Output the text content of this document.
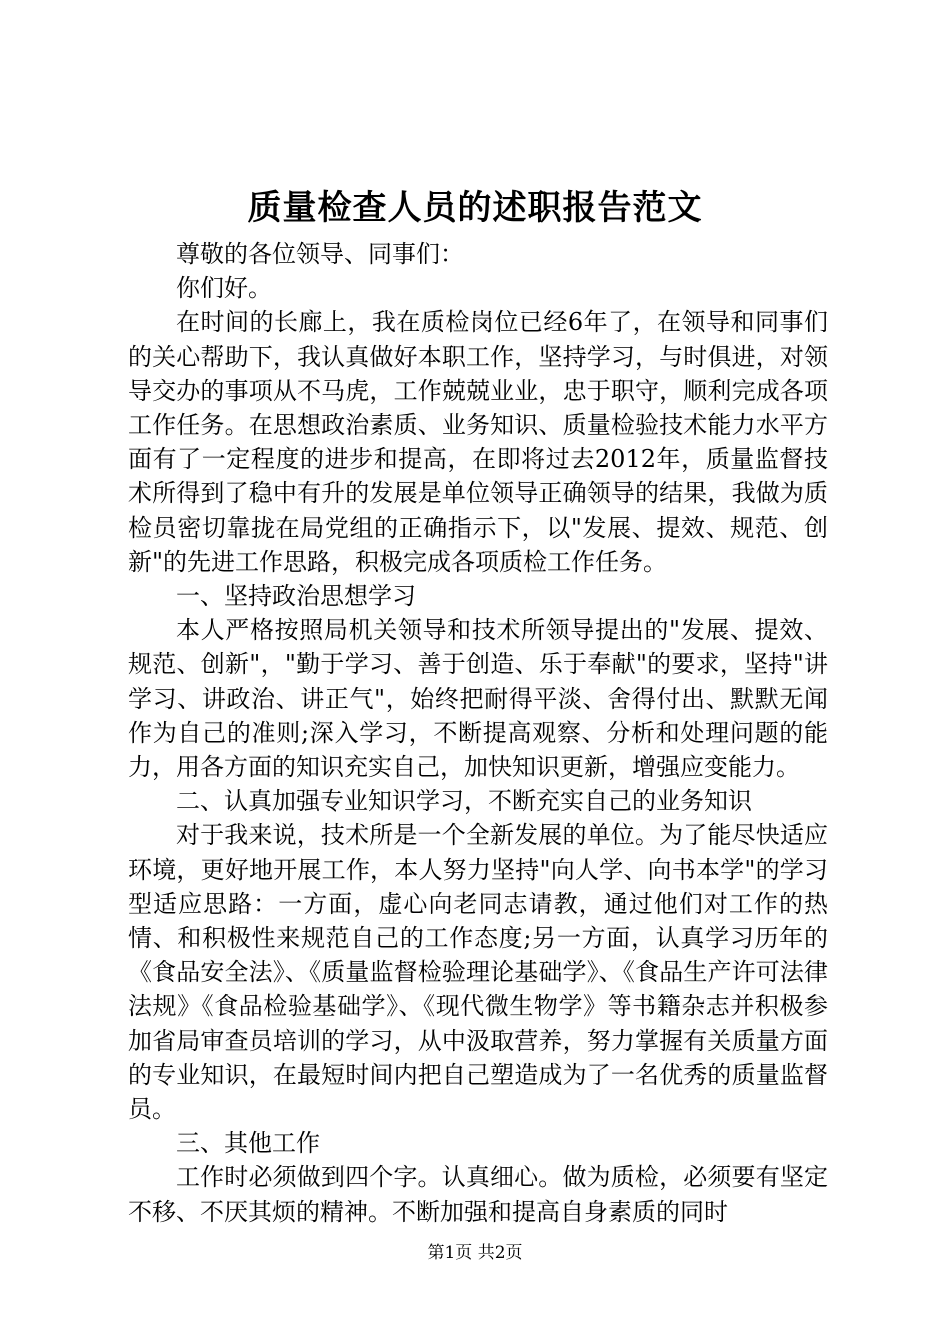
质量检查人员的述职报告范文

尊敬的各位领导、同事们：

你们好。

在时间的长廊上，我在质检岗位已经6年了，在领导和同事们的关心帮助下，我认真做好本职工作，坚持学习，与时俱进，对领导交办的事项从不马虎，工作兢兢业业，忠于职守，顺利完成各项工作任务。在思想政治素质、业务知识、质量检验技术能力水平方面有了一定程度的进步和提高，在即将过去2012年，质量监督技术所得到了稳中有升的发展是单位领导正确领导的结果，我做为质检员密切靠拢在局党组的正确指示下，以"发展、提效、规范、创新"的先进工作思路，积极完成各项质检工作任务。

一、坚持政治思想学习

本人严格按照局机关领导和技术所领导提出的"发展、提效、规范、创新"，"勤于学习、善于创造、乐于奉献"的要求，坚持"讲学习、讲政治、讲正气"，始终把耐得平淡、舍得付出、默默无闻作为自己的准则;深入学习，不断提高观察、分析和处理问题的能力，用各方面的知识充实自己，加快知识更新，增强应变能力。

二、认真加强专业知识学习，不断充实自己的业务知识

对于我来说，技术所是一个全新发展的单位。为了能尽快适应环境，更好地开展工作，本人努力坚持"向人学、向书本学"的学习型适应思路：一方面，虚心向老同志请教，通过他们对工作的热情、和积极性来规范自己的工作态度;另一方面，认真学习历年的《食品安全法》、《质量监督检验理论基础学》、《食品生产许可法律法规》《食品检验基础学》、《现代微生物学》等书籍杂志并积极参加省局审查员培训的学习，从中汲取营养，努力掌握有关质量方面的专业知识，在最短时间内把自己塑造成为了一名优秀的质量监督员。

三、其他工作

工作时必须做到四个字。认真细心。做为质检，必须要有坚定不移、不厌其烦的精神。不断加强和提高自身素质的同时

第1页 共2页
